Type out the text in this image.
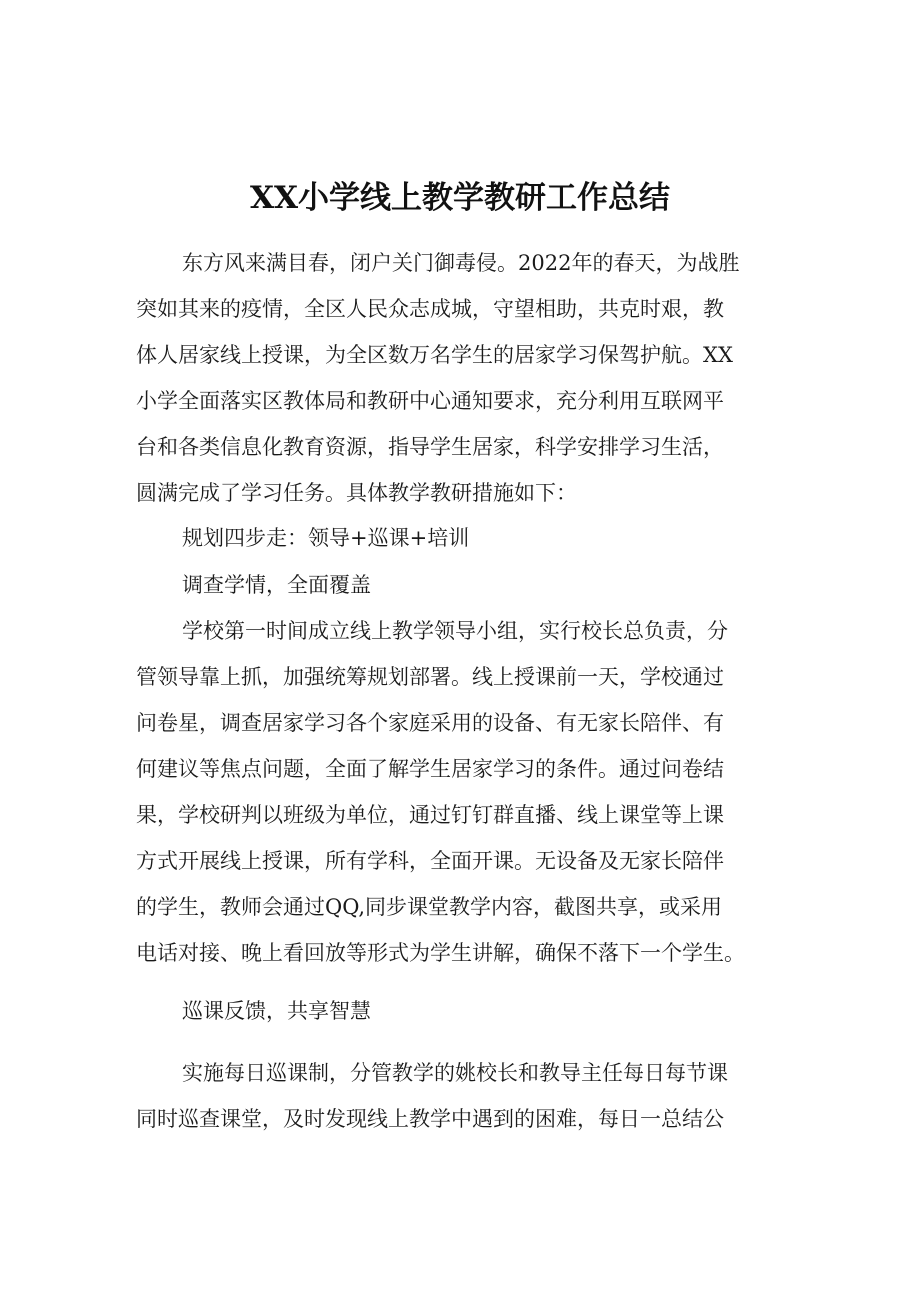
XX小学线上教学教研工作总结
东方风来满目春，闭户关门御毒侵。2022年的春天，为战胜
突如其来的疫情，全区人民众志成城，守望相助，共克时艰，教
体人居家线上授课，为全区数万名学生的居家学习保驾护航。XX
小学全面落实区教体局和教研中心通知要求，充分利用互联网平
台和各类信息化教育资源，指导学生居家，科学安排学习生活，
圆满完成了学习任务。具体教学教研措施如下：
规划四步走：领导+巡课+培训
调查学情，全面覆盖
学校第一时间成立线上教学领导小组，实行校长总负责，分
管领导靠上抓，加强统筹规划部署。线上授课前一天，学校通过
问卷星，调查居家学习各个家庭采用的设备、有无家长陪伴、有
何建议等焦点问题，全面了解学生居家学习的条件。通过问卷结
果，学校研判以班级为单位，通过钉钉群直播、线上课堂等上课
方式开展线上授课，所有学科，全面开课。无设备及无家长陪伴
的学生，教师会通过QQ,同步课堂教学内容，截图共享，或采用
电话对接、晚上看回放等形式为学生讲解，确保不落下一个学生。
巡课反馈，共享智慧
实施每日巡课制，分管教学的姚校长和教导主任每日每节课
同时巡查课堂，及时发现线上教学中遇到的困难，每日一总结公
